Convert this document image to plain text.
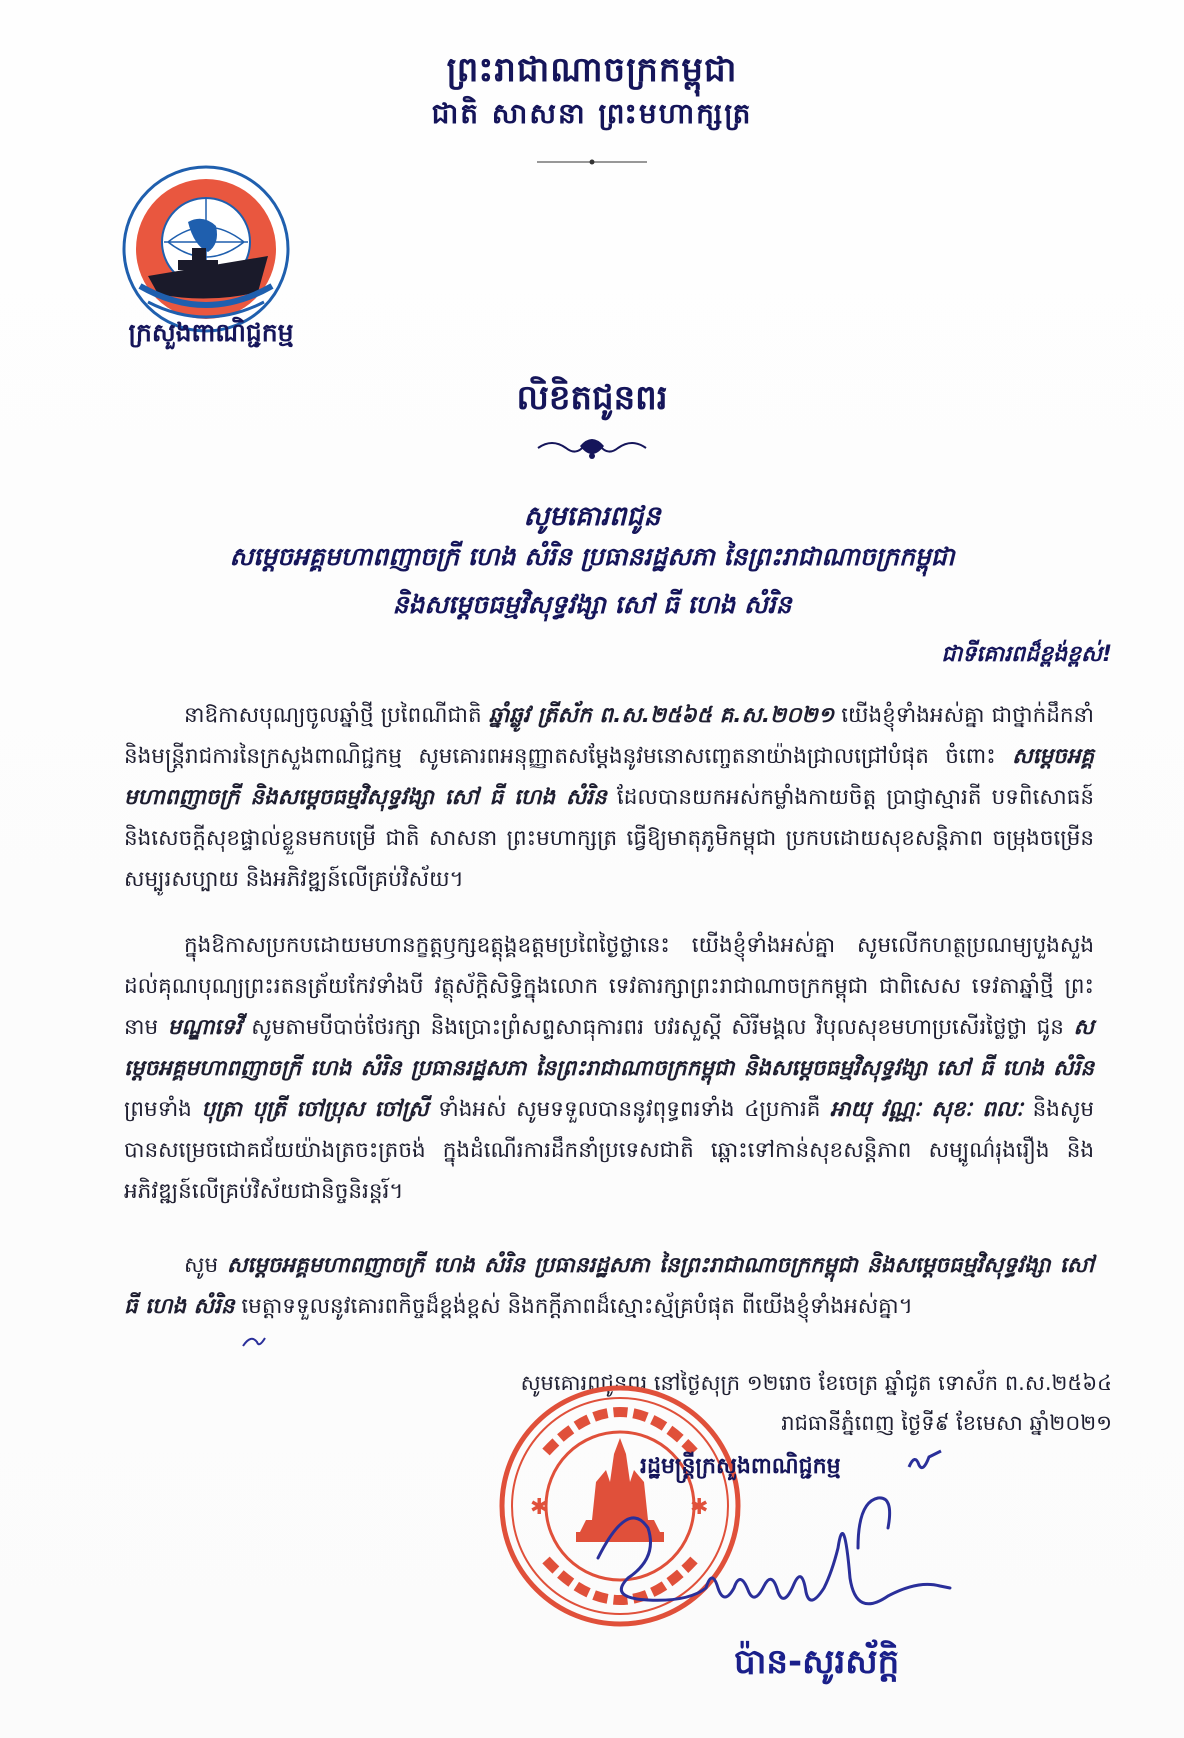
ព្រះរាជាណាចក្រកម្ពុជា
ជាតិ សាសនា ព្រះមហាក្សត្រ
ក្រសួងពាណិជ្ជកម្ម
លិខិតជូនពរ
សូមគោរពជូន
សម្តេចអគ្គមហាពញាចក្រី ហេង សំរិន ប្រធានរដ្ឋសភា នៃព្រះរាជាណាចក្រកម្ពុជា
និងសម្តេចធម្មវិសុទ្ធវង្សា សៅ ធី ហេង សំរិន
ជាទីគោរពដ៏ខ្ពង់ខ្ពស់!
នាឱកាសបុណ្យចូលឆ្នាំថ្មី ប្រពៃណីជាតិ ឆ្នាំឆ្លូវ ត្រីស័ក ព.ស.២៥៦៥ គ.ស.២០២១ យើងខ្ញុំទាំងអស់គ្នា ជាថ្នាក់ដឹកនាំ និងមន្រ្តីរាជការនៃក្រសួងពាណិជ្ជកម្ម សូមគោរពអនុញ្ញាតសម្តែងនូវមនោសញ្ចេតនាយ៉ាងជ្រាលជ្រៅបំផុត ចំពោះ សម្តេចអគ្គមហាពញាចក្រី និងសម្តេចធម្មវិសុទ្ធវង្សា សៅ ធី ហេង សំរិន ដែលបានយកអស់កម្លាំងកាយចិត្ត ប្រាជ្ញាស្មារតី បទពិសោធន៍ និងសេចក្តីសុខផ្ទាល់ខ្លួនមកបម្រើ ជាតិ សាសនា ព្រះមហាក្សត្រ ធ្វើឱ្យមាតុភូមិកម្ពុជា ប្រកបដោយសុខសន្តិភាព ចម្រុងចម្រើន សម្បូរសប្បាយ និងអភិវឌ្ឍន៍លើគ្រប់វិស័យ។
ក្នុងឱកាសប្រកបដោយមហានក្ខត្តឫក្សឧត្តុង្គឧត្តមប្រពៃថ្ងៃថ្លានេះ យើងខ្ញុំទាំងអស់គ្នា សូមលើកហត្ថប្រណម្យបួងសួងដល់គុណបុណ្យព្រះរតនត្រ័យកែវទាំងបី វត្ថុស័ក្តិសិទ្ធិក្នុងលោក ទេវតារក្សាព្រះរាជាណាចក្រកម្ពុជា ជាពិសេស ទេវតាឆ្នាំថ្មី ព្រះនាម មណ្ឌាទេវី សូមតាមបីបាច់ថែរក្សា និងប្រោះព្រំសព្ទសាធុការពរ បវរសួស្តី សិរីមង្គល វិបុលសុខមហាប្រសើរថ្លៃថ្លា ជូន សម្តេចអគ្គមហាពញាចក្រី ហេង សំរិន ប្រធានរដ្ឋសភា នៃព្រះរាជាណាចក្រកម្ពុជា និងសម្តេចធម្មវិសុទ្ធវង្សា សៅ ធី ហេង សំរិន ព្រមទាំង បុត្រា បុត្រី ចៅប្រុស ចៅស្រី ទាំងអស់ សូមទទួលបាននូវពុទ្ធពរទាំង ៤ប្រការគឺ អាយុ វណ្ណៈ សុខៈ ពលៈ និងសូមបានសម្រេចជោគជ័យយ៉ាងត្រចះត្រចង់ ក្នុងដំណើរការដឹកនាំប្រទេសជាតិ ឆ្ពោះទៅកាន់សុខសន្តិភាព សម្បូណ៌រុងរឿង និងអភិវឌ្ឍន៍លើគ្រប់វិស័យជានិច្ចនិរន្តរ៍។
សូម សម្តេចអគ្គមហាពញាចក្រី ហេង សំរិន ប្រធានរដ្ឋសភា នៃព្រះរាជាណាចក្រកម្ពុជា និងសម្តេចធម្មវិសុទ្ធវង្សា សៅ ធី ហេង សំរិន មេត្តាទទួលនូវគោរពកិច្ចដ៏ខ្ពង់ខ្ពស់ និងកក្តីភាពដ៏ស្មោះស្ម័គ្របំផុត ពីយើងខ្ញុំទាំងអស់គ្នា។
សូមគោរពជូនពរ នៅថ្ងៃសុក្រ ១២រោច ខែចេត្រ ឆ្នាំជូត ទោស័ក ព.ស.២៥៦៤
រាជធានីភ្នំពេញ ថ្ងៃទី៩ ខែមេសា ឆ្នាំ២០២១
✱	✱
រដ្ឋមន្ត្រីក្រសួងពាណិជ្ជកម្ម
ប៉ាន-សូរស័ក្តិ
